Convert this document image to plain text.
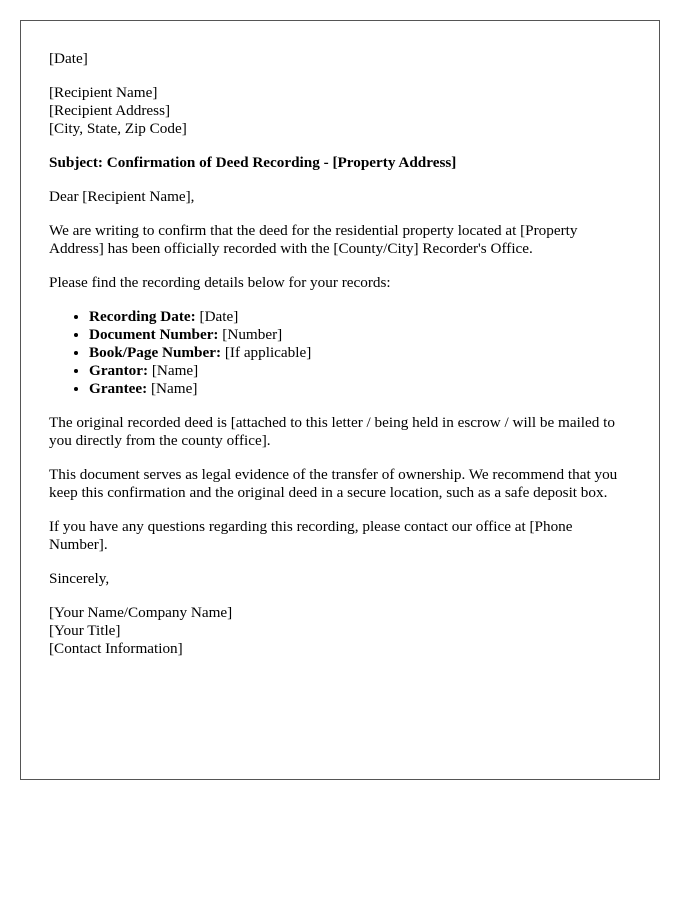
[Date]
[Recipient Name]
[Recipient Address]
[City, State, Zip Code]
Subject: Confirmation of Deed Recording - [Property Address]
Dear [Recipient Name],

We are writing to confirm that the deed for the residential property located at [Property Address] has been officially recorded with the [County/City] Recorder's Office.

Please find the recording details below for your records:

• Recording Date: [Date]
• Document Number: [Number]
• Book/Page Number: [If applicable]
• Grantor: [Name]
• Grantee: [Name]

The original recorded deed is [attached to this letter / being held in escrow / will be mailed to you directly from the county office].

This document serves as legal evidence of the transfer of ownership. We recommend that you keep this confirmation and the original deed in a secure location, such as a safe deposit box.

If you have any questions regarding this recording, please contact our office at [Phone Number].

Sincerely,
[Your Name/Company Name]
[Your Title]
[Contact Information]
